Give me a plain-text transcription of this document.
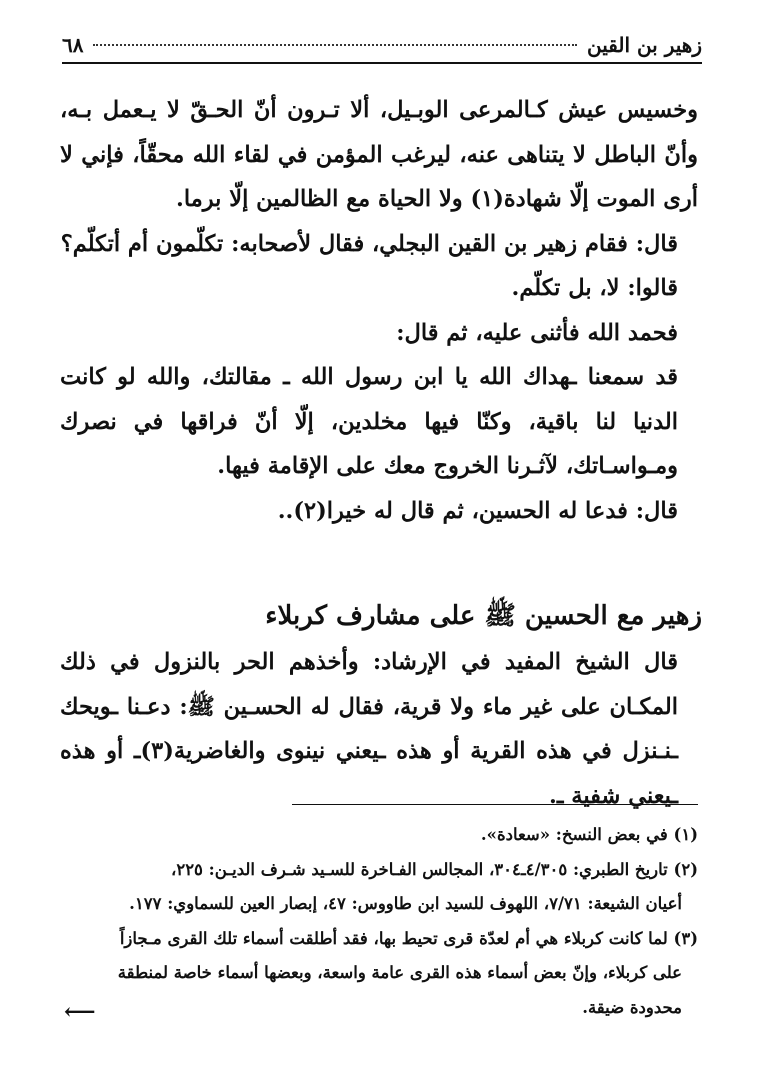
زهير بن القين
٦٨

وخسيس عيش كـالمرعى الوبـيل، ألا تـرون أنّ الحـقّ لا يـعمل بـه، وأنّ الباطل لا يتناهى عنه، ليرغب المؤمن في لقاء الله محقّاً، فإني لا أرى الموت إلّا شهادة(١) ولا الحياة مع الظالمين إلّا برما.

قال: فقام زهير بن القين البجلي، فقال لأصحابه: تكلّمون أم أتكلّم؟

قالوا: لا، بل تكلّم.

فحمد الله فأثنى عليه، ثم قال:

قد سمعنا ـهداك الله يا ابن رسول الله ـ مقالتك، والله لو كانت الدنيا لنا باقية، وكنّا فيها مخلدين، إلّا أنّ فراقها في نصرك ومـواسـاتك، لآثـرنا الخروج معك على الإقامة فيها.

قال: فدعا له الحسين، ثم قال له خيرا(٢)..

زهير مع الحسين ﷺ على مشارف كربلاء

قال الشيخ المفيد في الإرشاد: وأخذهم الحر بالنزول في ذلك المكـان على غير ماء ولا قرية، فقال له الحسـين ﷺ: دعـنا ـويحك ـنـنزل في هذه القرية أو هذه ـيعني نينوى والغاضرية(٣)ـ أو هذه ـيعني شفية ـ.

(١) في بعض النسخ: «سعادة».

(٢) تاريخ الطبري: ٤/٣٠٥ـ٣٠٤، المجالس الفـاخرة للسـيد شـرف الديـن: ٢٢٥،

أعيان الشيعة: ٧/٧١، اللهوف للسيد ابن طاووس: ٤٧، إبصار العين للسماوي: ١٧٧.

(٣) لما كانت كربلاء هي أم لعدّة قرى تحيط بها، فقد أطلقت أسماء تلك القرى مـجازاً

على كربلاء، وإنّ بعض أسماء هذه القرى عامة واسعة، وبعضها أسماء خاصة لمنطقة

محدودة ضيقة.

⟵
